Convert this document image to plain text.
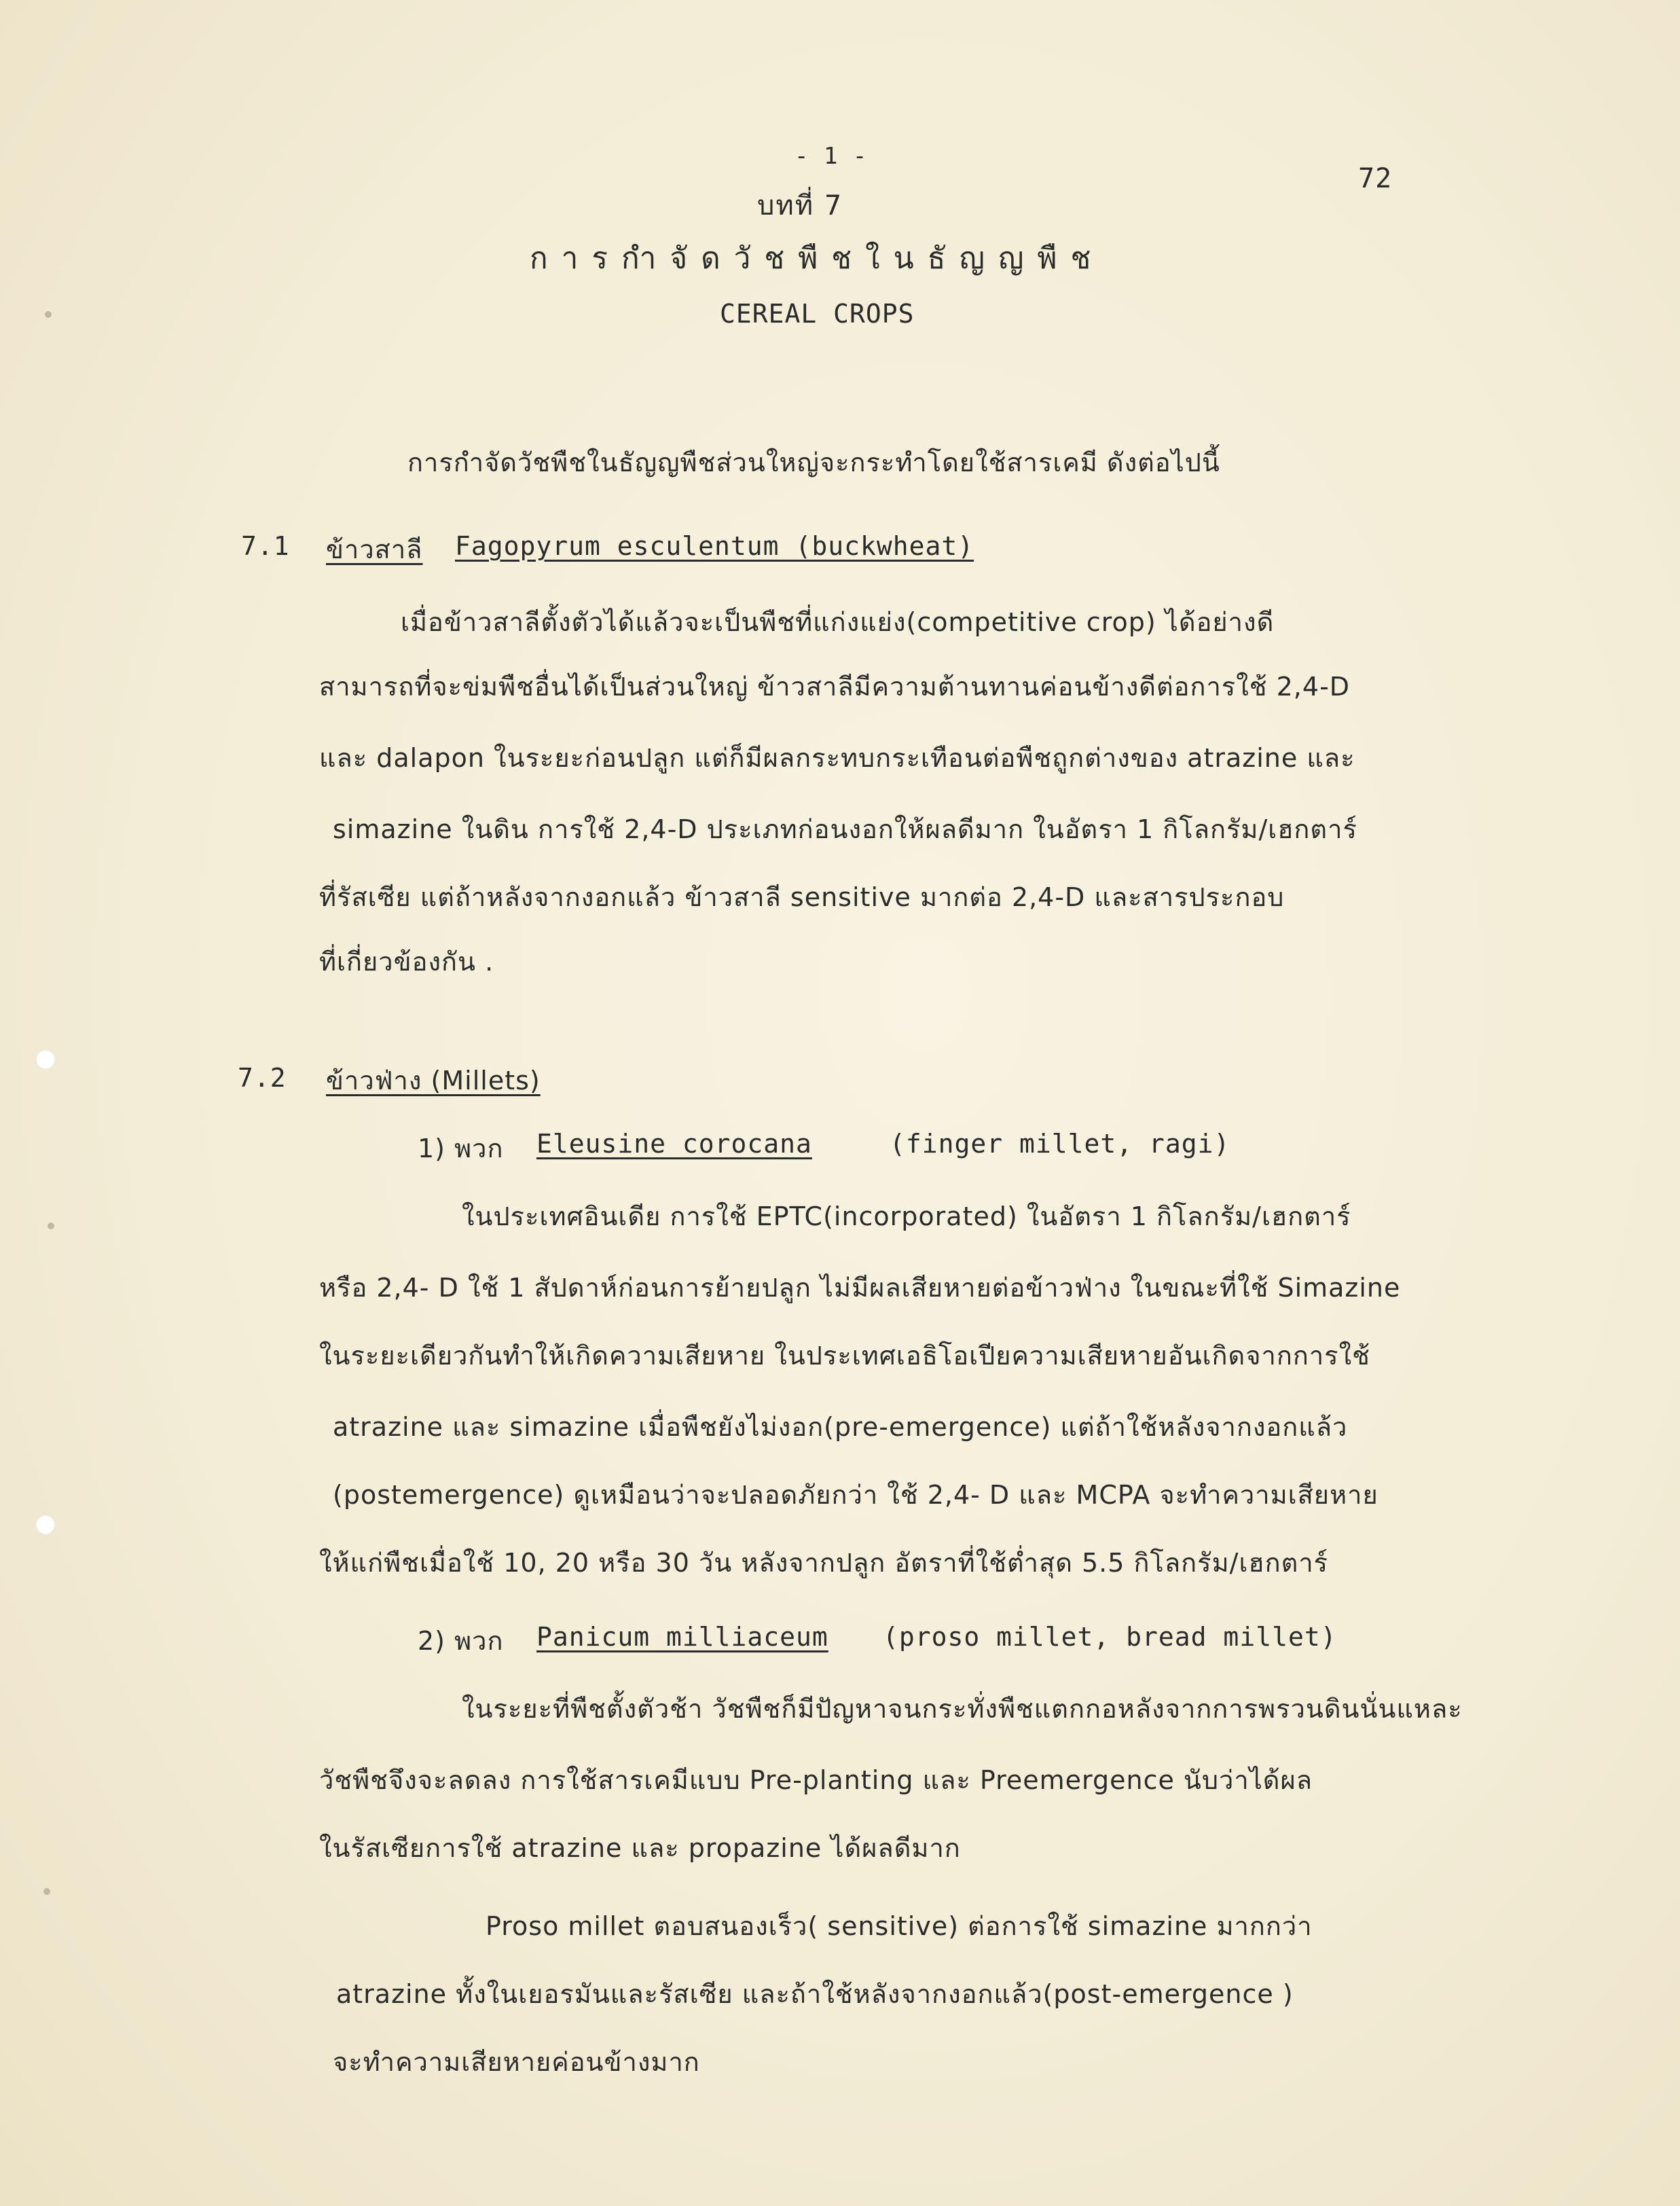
- 1 -
72
บทที่ 7
การกำจัดวัชพืชในธัญญพืช
CEREAL CROPS
การกำจัดวัชพืชในธัญญพืชส่วนใหญ่จะกระทำโดยใช้สารเคมี ดังต่อไปนี้
7.1 ข้าวสาลี Fagopyrum esculentum (buckwheat)
เมื่อข้าวสาลีตั้งตัวได้แล้วจะเป็นพืชที่แก่งแย่ง(competitive crop) ได้อย่างดี
สามารถที่จะข่มพืชอื่นได้เป็นส่วนใหญ่ ข้าวสาลีมีความต้านทานค่อนข้างดีต่อการใช้ 2,4-D
และ dalapon ในระยะก่อนปลูก แต่ก็มีผลกระทบกระเทือนต่อพืชถูกต่างของ atrazine และ
simazine ในดิน การใช้ 2,4-D ประเภทก่อนงอกให้ผลดีมาก ในอัตรา 1 กิโลกรัม/เฮกตาร์
ที่รัสเซีย แต่ถ้าหลังจากงอกแล้ว ข้าวสาลี sensitive มากต่อ 2,4-D และสารประกอบ
ที่เกี่ยวข้องกัน .
7.2 ข้าวฟ่าง (Millets)
1) พวก Eleusine corocana	(finger millet, ragi)
ในประเทศอินเดีย การใช้ EPTC(incorporated) ในอัตรา 1 กิโลกรัม/เฮกตาร์
หรือ 2,4- D ใช้ 1 สัปดาห์ก่อนการย้ายปลูก ไม่มีผลเสียหายต่อข้าวฟ่าง ในขณะที่ใช้ Simazine
ในระยะเดียวกันทำให้เกิดความเสียหาย ในประเทศเอธิโอเปียความเสียหายอันเกิดจากการใช้
atrazine และ simazine เมื่อพืชยังไม่งอก(pre-emergence) แต่ถ้าใช้หลังจากงอกแล้ว
(postemergence) ดูเหมือนว่าจะปลอดภัยกว่า ใช้ 2,4- D และ MCPA จะทำความเสียหาย
ให้แก่พืชเมื่อใช้ 10, 20 หรือ 30 วัน หลังจากปลูก อัตราที่ใช้ต่ำสุด 5.5 กิโลกรัม/เฮกตาร์
2) พวก Panicum milliaceum (proso millet, bread millet)
ในระยะที่พืชตั้งตัวช้า วัชพืชก็มีปัญหาจนกระทั่งพืชแตกกอหลังจากการพรวนดินนั่นแหละ
วัชพืชจึงจะลดลง การใช้สารเคมีแบบ Pre-planting และ Preemergence นับว่าได้ผล
ในรัสเซียการใช้ atrazine และ propazine ได้ผลดีมาก
Proso millet ตอบสนองเร็ว( sensitive) ต่อการใช้ simazine มากกว่า
atrazine ทั้งในเยอรมันและรัสเซีย และถ้าใช้หลังจากงอกแล้ว(post-emergence )
จะทำความเสียหายค่อนข้างมาก
